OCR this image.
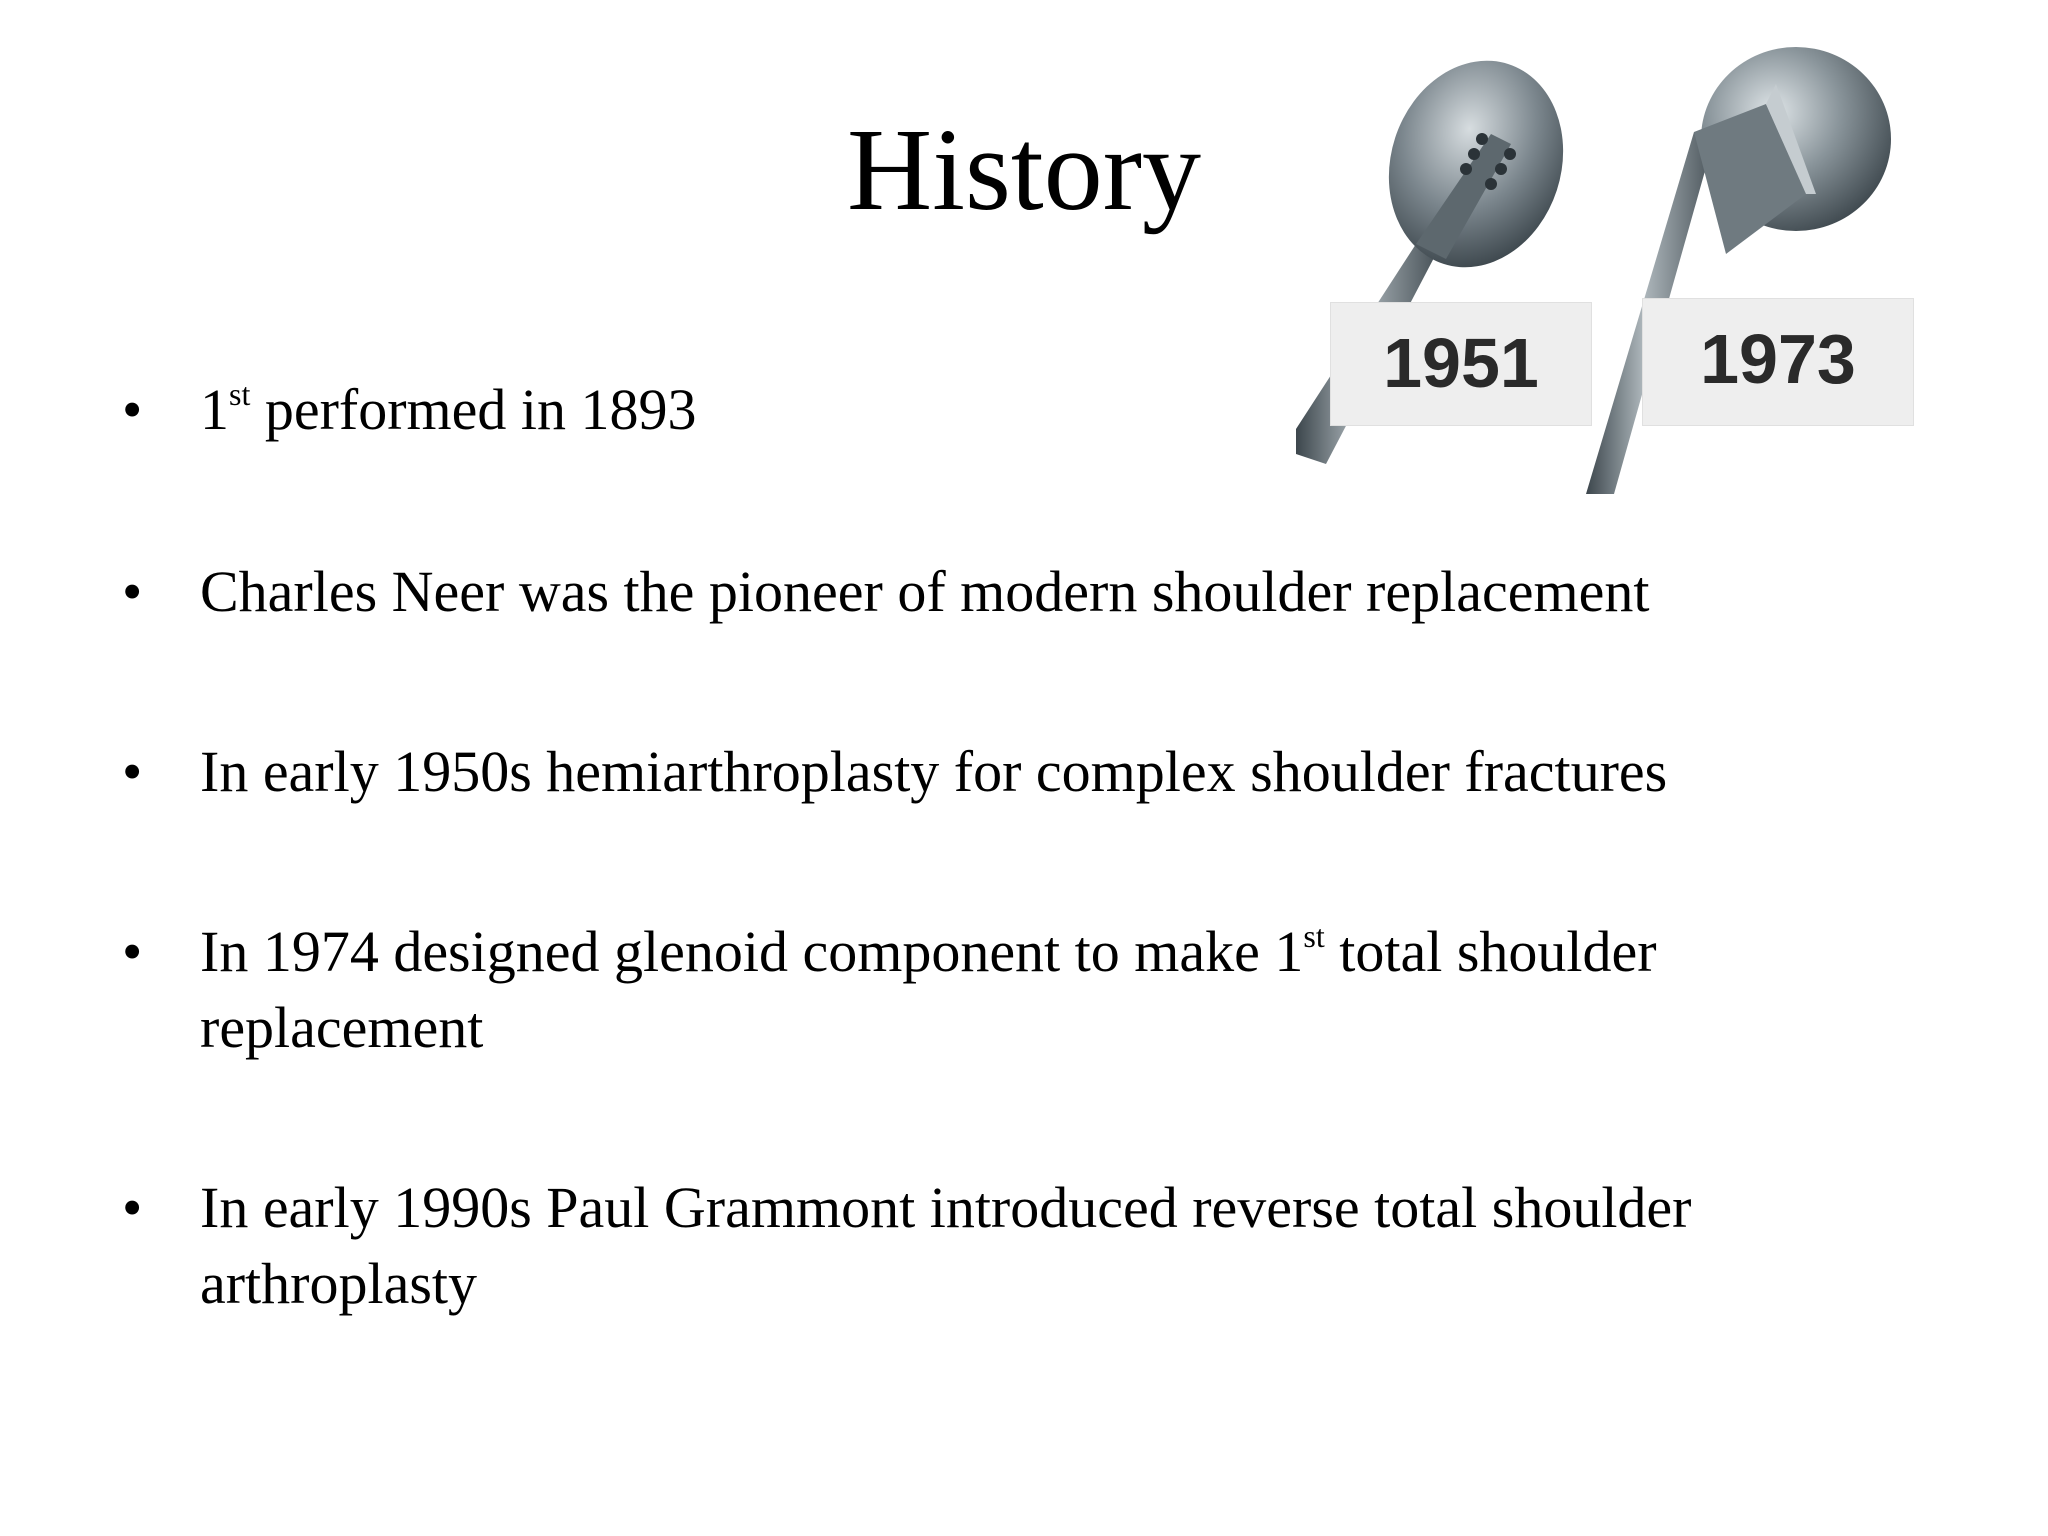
History
1951	1973
• 1st performed in 1893
• Charles Neer was the pioneer of modern shoulder replacement
• In early 1950s hemiarthroplasty for complex shoulder fractures
• In 1974 designed glenoid component to make 1st total shoulder replacement
• In early 1990s Paul Grammont introduced reverse total shoulder arthroplasty
